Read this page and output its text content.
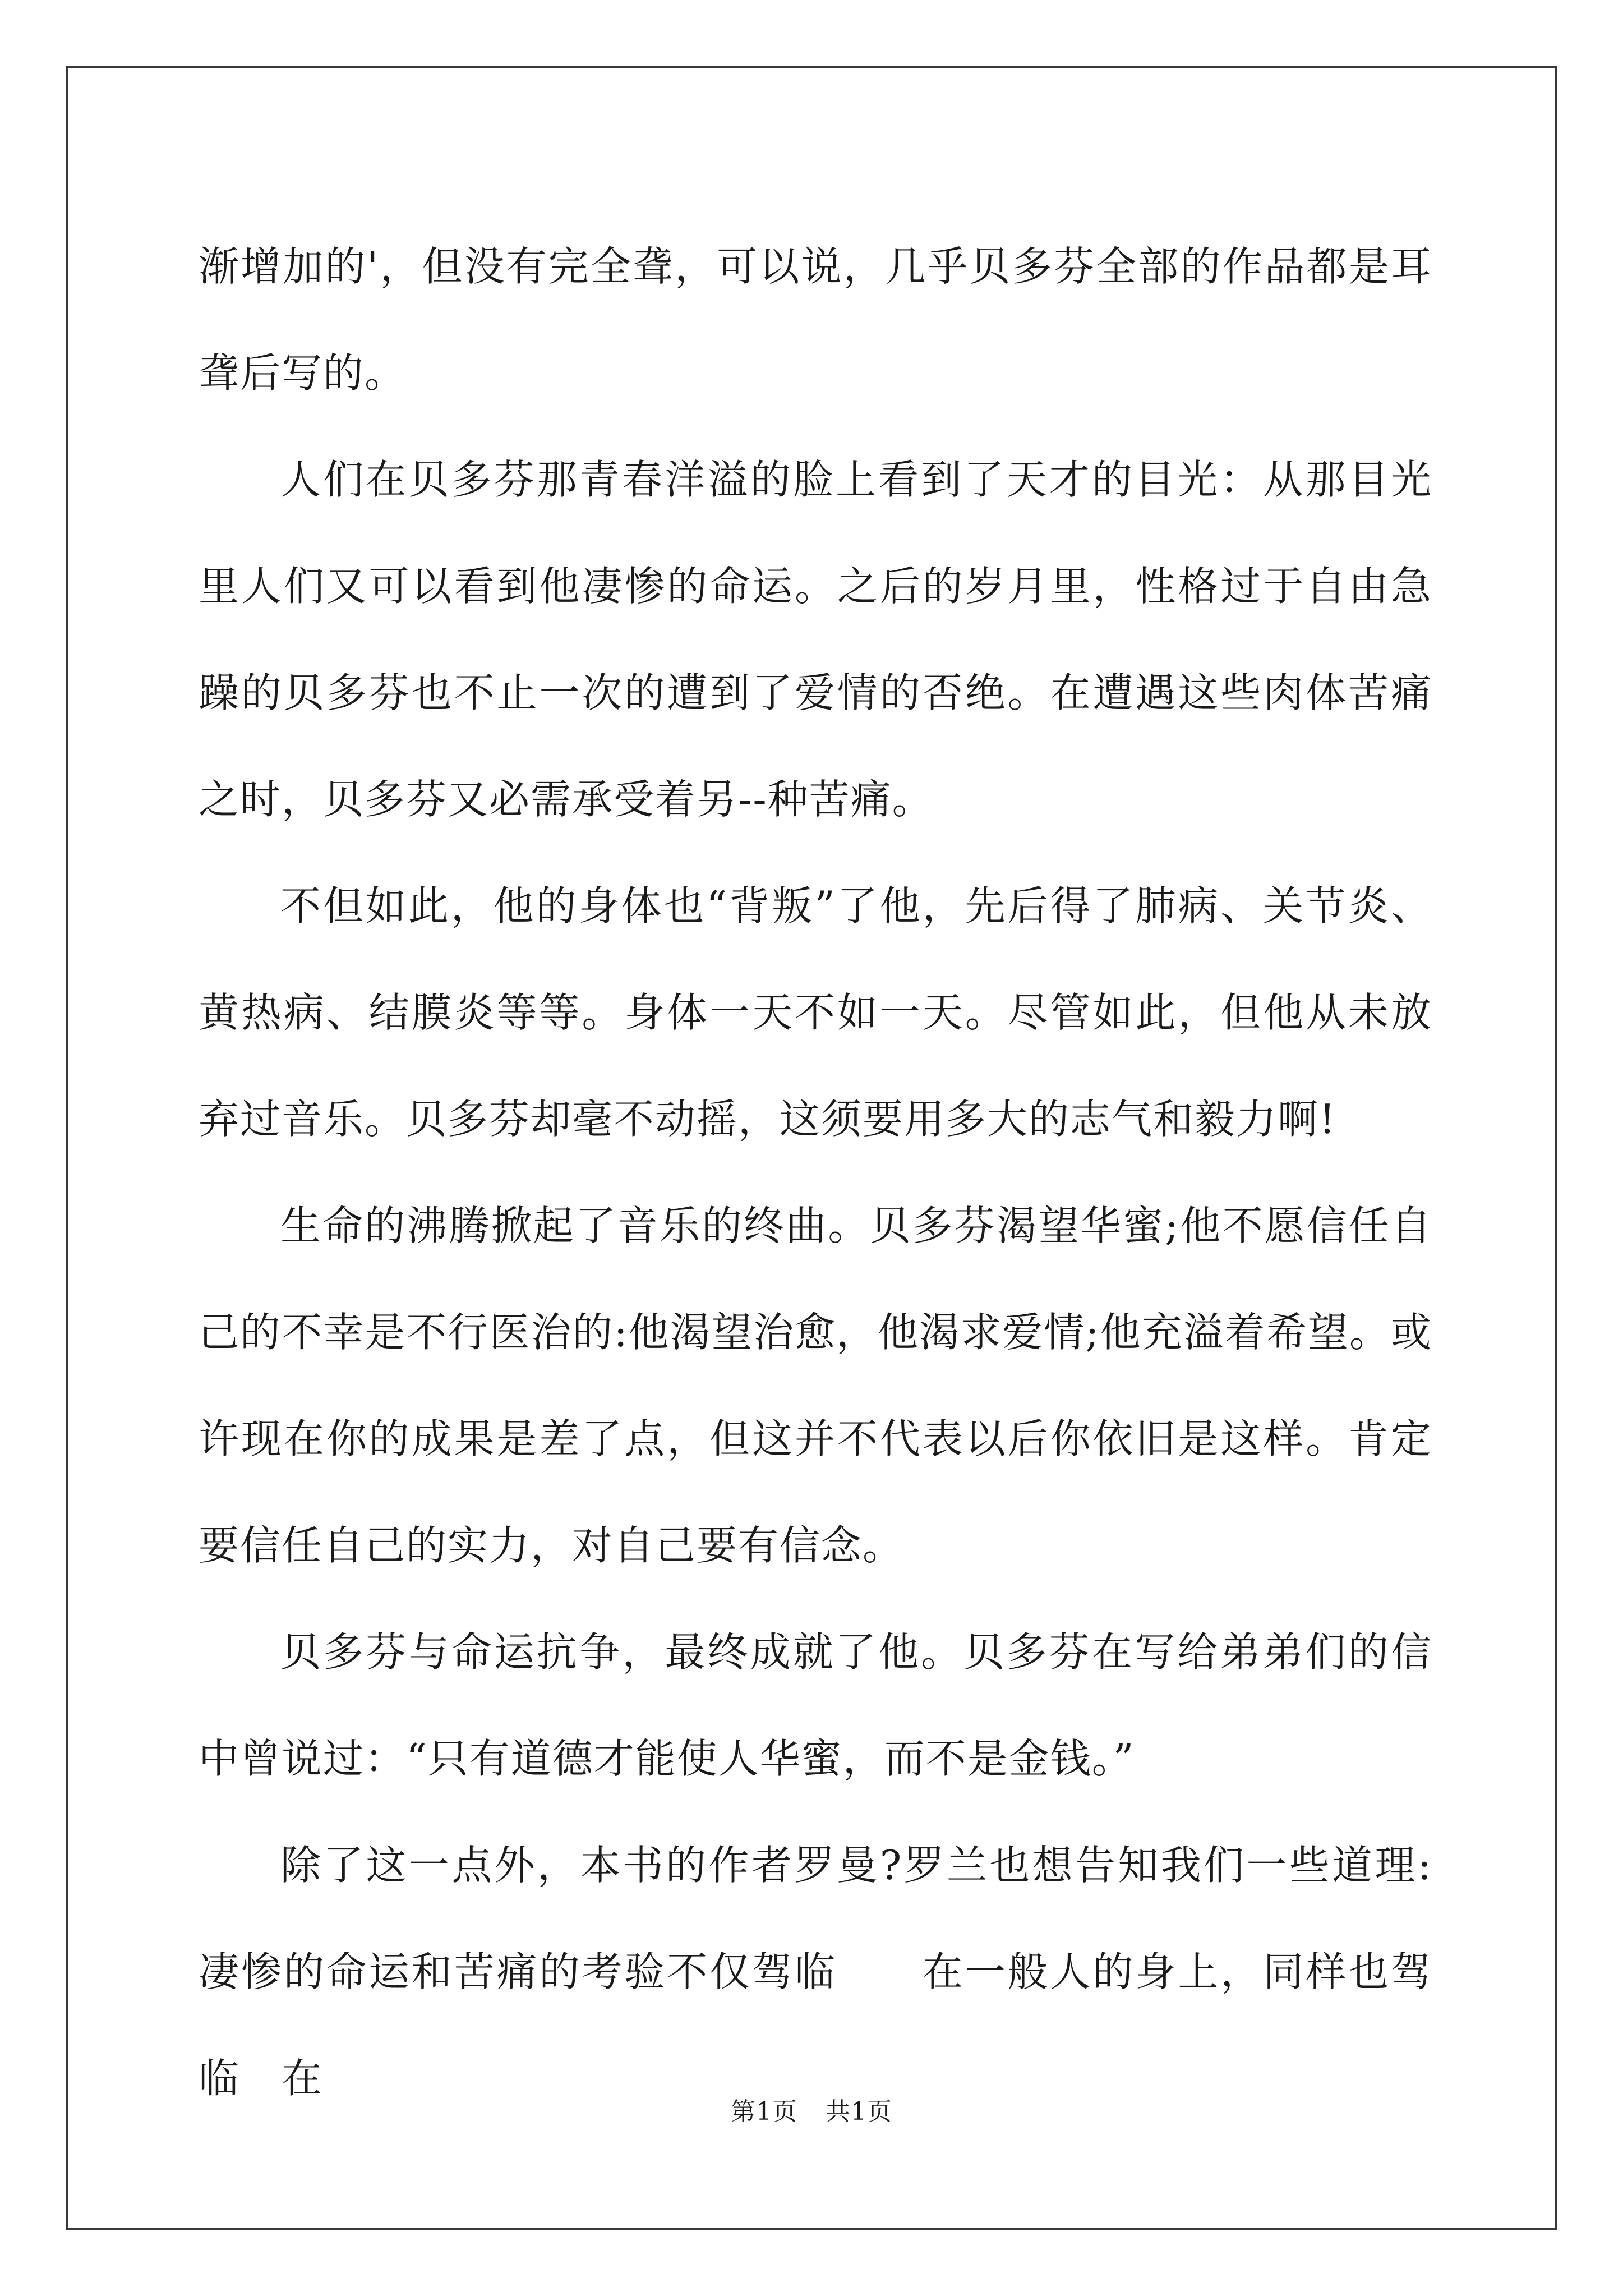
渐增加的'，但没有完全聋，可以说，几乎贝多芬全部的作品都是耳聋后写的。

人们在贝多芬那青春洋溢的脸上看到了天才的目光：从那目光里人们又可以看到他凄惨的命运。之后的岁月里，性格过于自由急躁的贝多芬也不止一次的遭到了爱情的否绝。在遭遇这些肉体苦痛之时，贝多芬又必需承受着另--种苦痛。

不但如此，他的身体也“背叛”了他，先后得了肺病、关节炎、黄热病、结膜炎等等。身体一天不如一天。尽管如此，但他从未放弃过音乐。贝多芬却毫不动摇，这须要用多大的志气和毅力啊!

生命的沸腾掀起了音乐的终曲。贝多芬渴望华蜜;他不愿信任自己的不幸是不行医治的:他渴望治愈，他渴求爱情;他充溢着希望。或许现在你的成果是差了点，但这并不代表以后你依旧是这样。肯定要信任自己的实力，对自己要有信念。

贝多芬与命运抗争，最终成就了他。贝多芬在写给弟弟们的信中曾说过：“只有道德才能使人华蜜，而不是金钱。”

除了这一点外，本书的作者罗曼?罗兰也想告知我们一些道理:凄惨的命运和苦痛的考验不仅驾临　　在一般人的身上，同样也驾临　在

第1页 共1页
